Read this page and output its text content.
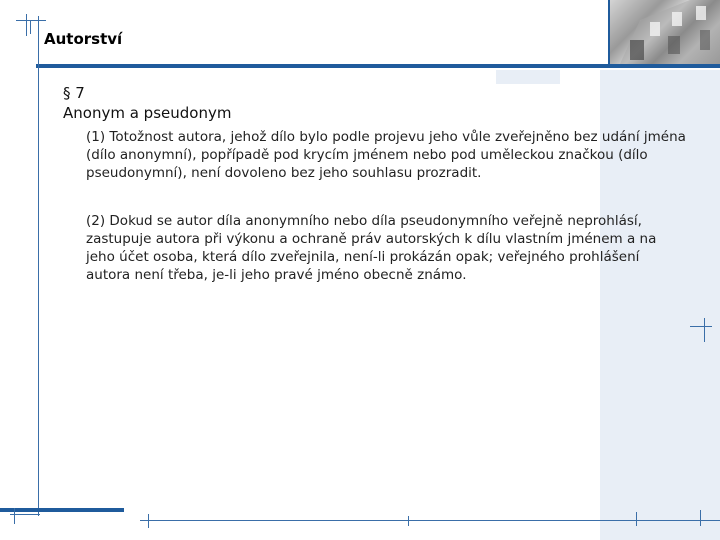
Autorství
§ 7
Anonym a pseudonym
(1) Totožnost autora, jehož dílo bylo podle projevu jeho vůle zveřejněno bez udání jména (dílo anonymní), popřípadě pod krycím jménem nebo pod uměleckou značkou (dílo pseudonymní), není dovoleno bez jeho souhlasu prozradit.
(2) Dokud se autor díla anonymního nebo díla pseudonymního veřejně neprohlásí, zastupuje autora při výkonu a ochraně práv autorských k dílu vlastním jménem a na jeho účet osoba, která dílo zveřejnila, není-li prokázán opak; veřejného prohlášení autora není třeba, je-li jeho pravé jméno obecně známo.
